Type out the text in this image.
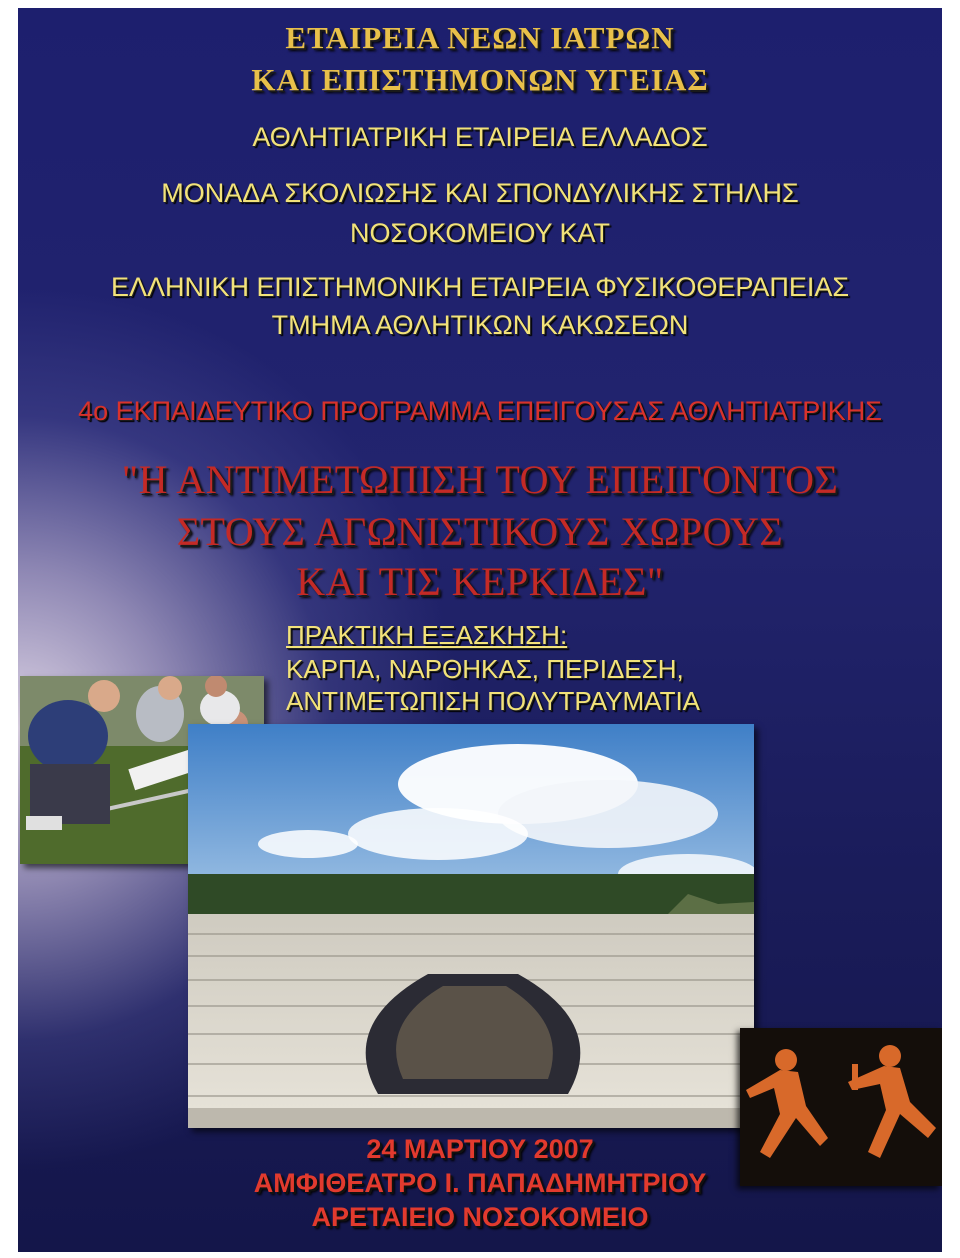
ΕΤΑΙΡΕΙΑ ΝΕΩΝ ΙΑΤΡΩΝ
ΚΑΙ ΕΠΙΣΤΗΜΟΝΩΝ ΥΓΕΙΑΣ
ΑΘΛΗΤΙΑΤΡΙΚΗ ΕΤΑΙΡΕΙΑ ΕΛΛΑΔΟΣ
ΜΟΝΑΔΑ ΣΚΟΛΙΩΣΗΣ ΚΑΙ ΣΠΟΝΔΥΛΙΚΗΣ ΣΤΗΛΗΣ
ΝΟΣΟΚΟΜΕΙΟΥ ΚΑΤ
ΕΛΛΗΝΙΚΗ ΕΠΙΣΤΗΜΟΝΙΚΗ ΕΤΑΙΡΕΙΑ ΦΥΣΙΚΟΘΕΡΑΠΕΙΑΣ
ΤΜΗΜΑ ΑΘΛΗΤΙΚΩΝ ΚΑΚΩΣΕΩΝ
4ο ΕΚΠΑΙΔΕΥΤΙΚΟ ΠΡΟΓΡΑΜΜΑ ΕΠΕΙΓΟΥΣΑΣ ΑΘΛΗΤΙΑΤΡΙΚΗΣ
"Η ΑΝΤΙΜΕΤΩΠΙΣΗ ΤΟΥ ΕΠΕΙΓΟΝΤΟΣ
ΣΤΟΥΣ ΑΓΩΝΙΣΤΙΚΟΥΣ ΧΩΡΟΥΣ
ΚΑΙ ΤΙΣ ΚΕΡΚΙΔΕΣ"
ΠΡΑΚΤΙΚΗ ΕΞΑΣΚΗΣΗ:
ΚΑΡΠΑ, ΝΑΡΘΗΚΑΣ, ΠΕΡΙΔΕΣΗ,
ΑΝΤΙΜΕΤΩΠΙΣΗ ΠΟΛΥΤΡΑΥΜΑΤΙΑ
24 ΜΑΡΤΙΟΥ 2007
ΑΜΦΙΘΕΑΤΡΟ Ι. ΠΑΠΑΔΗΜΗΤΡΙΟΥ
ΑΡΕΤΑΙΕΙΟ ΝΟΣΟΚΟΜΕΙΟ
